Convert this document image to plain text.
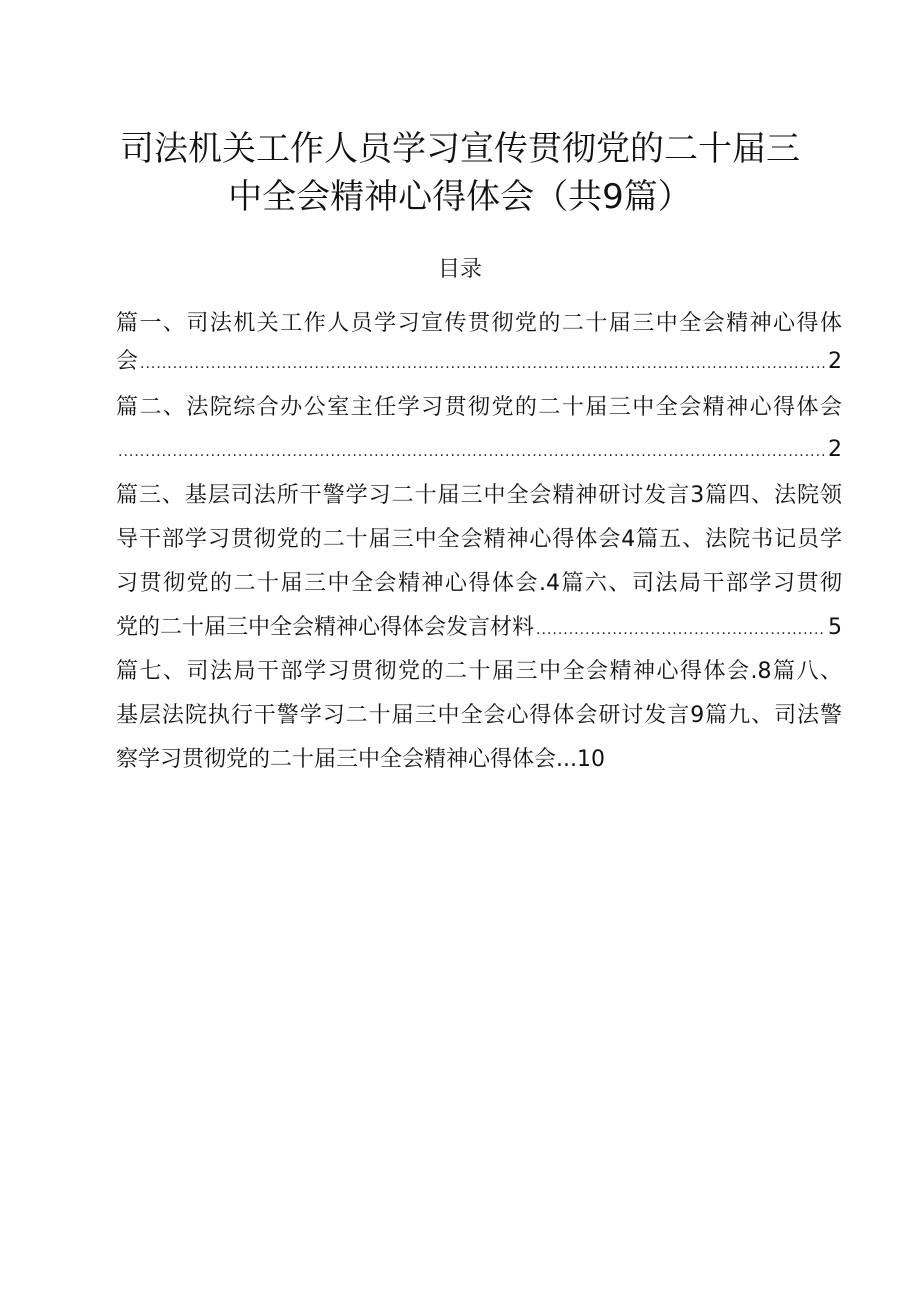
司法机关工作人员学习宣传贯彻党的二十届三
中全会精神心得体会（共9篇）
目录
篇一、司法机关工作人员学习宣传贯彻党的二十届三中全会精神心得体
会 .....	2
篇二、法院综合办公室主任学习贯彻党的二十届三中全会精神心得体会
.....
2
篇三、基层司法所干警学习二十届三中全会精神研讨发言3篇四、法院领
导干部学习贯彻党的二十届三中全会精神心得体会4篇五、法院书记员学
习贯彻党的二十届三中全会精神心得体会.4篇六、司法局干部学习贯彻
党的二十届三中全会精神心得体会发言材料 .....	5
篇七、司法局干部学习贯彻党的二十届三中全会精神心得体会.8篇八、
基层法院执行干警学习二十届三中全会心得体会研讨发言9篇九、司法警
察学习贯彻党的二十届三中全会精神心得体会...10
